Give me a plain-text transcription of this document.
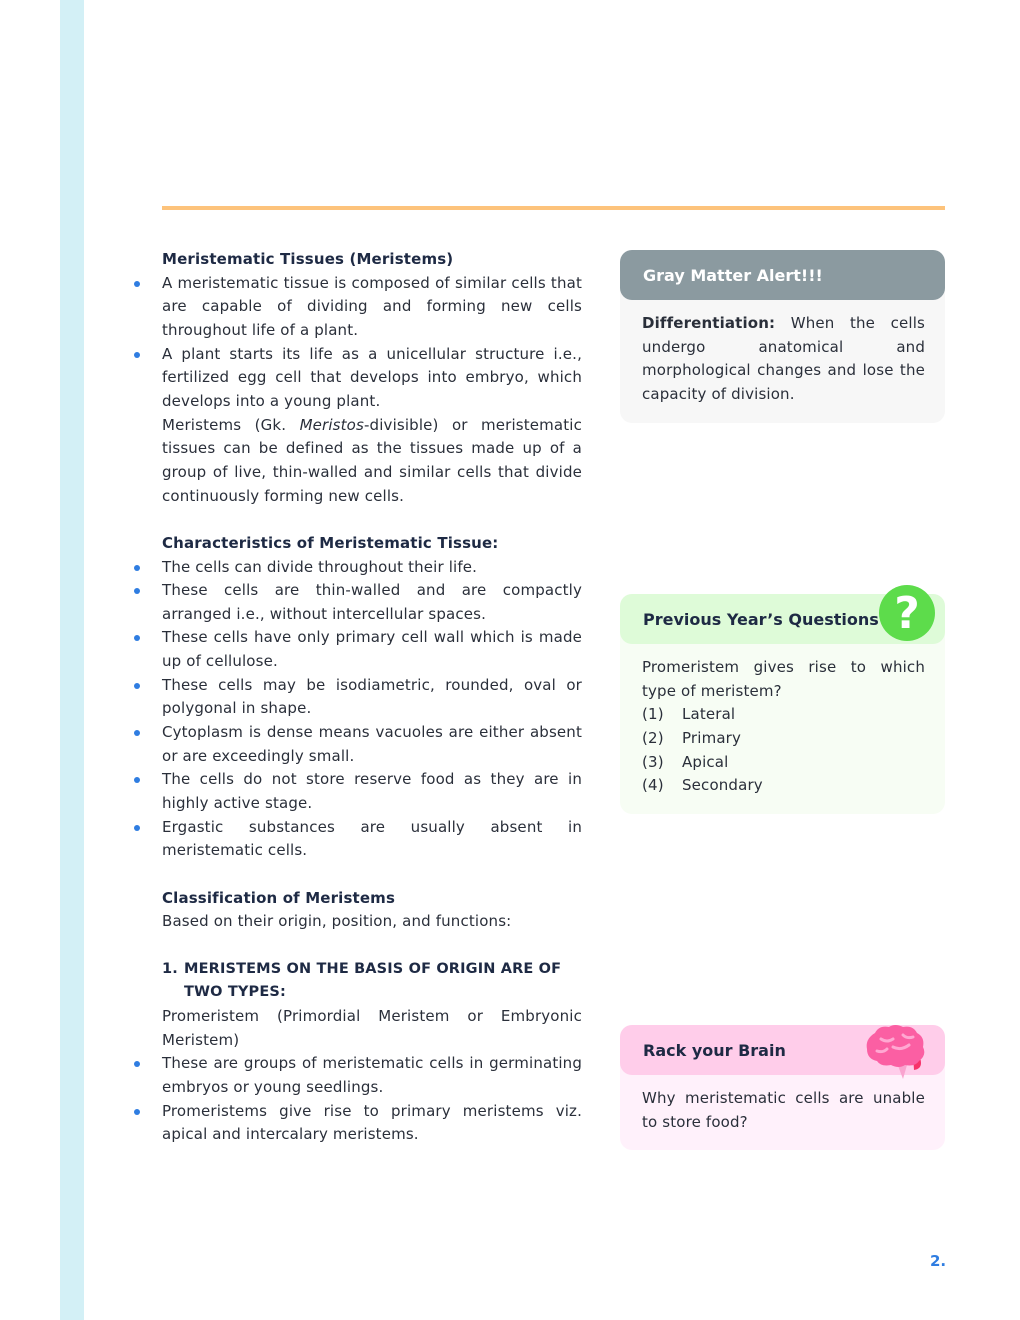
Meristematic Tissues (Meristems)
A meristematic tissue is composed of similar cells that are capable of dividing and forming new cells throughout life of a plant.
A plant starts its life as a unicellular structure i.e., fertilized egg cell that develops into embryo, which develops into a young plant.

Meristems (Gk. Meristos-divisible) or meristematic tissues can be defined as the tissues made up of a group of live, thin-walled and similar cells that divide continuously forming new cells.

Characteristics of Meristematic Tissue:
The cells can divide throughout their life.
These cells are thin-walled and are compactly arranged i.e., without intercellular spaces.
These cells have only primary cell wall which is made up of cellulose.
These cells may be isodiametric, rounded, oval or polygonal in shape.
Cytoplasm is dense means vacuoles are either absent or are exceedingly small.
The cells do not store reserve food as they are in highly active stage.
Ergastic substances are usually absent in meristematic cells.
Classification of Meristems

Based on their origin, position, and functions:

1. MERISTEMS ON THE BASIS OF ORIGIN ARE OF TWO TYPES:

Promeristem (Primordial Meristem or Embryonic Meristem)

These are groups of meristematic cells in germinating embryos or young seedlings.
Promeristems give rise to primary meristems viz. apical and intercalary meristems.
Gray Matter Alert!!!
Differentiation: When the cells undergo anatomical and morphological changes and lose the capacity of division.
Previous Year’s Questions ?
Promeristem gives rise to which type of meristem?
(1)	Lateral
(2)	Primary
(3)	Apical
(4)	Secondary
Rack your Brain
Why meristematic cells are unable to store food?
2.
